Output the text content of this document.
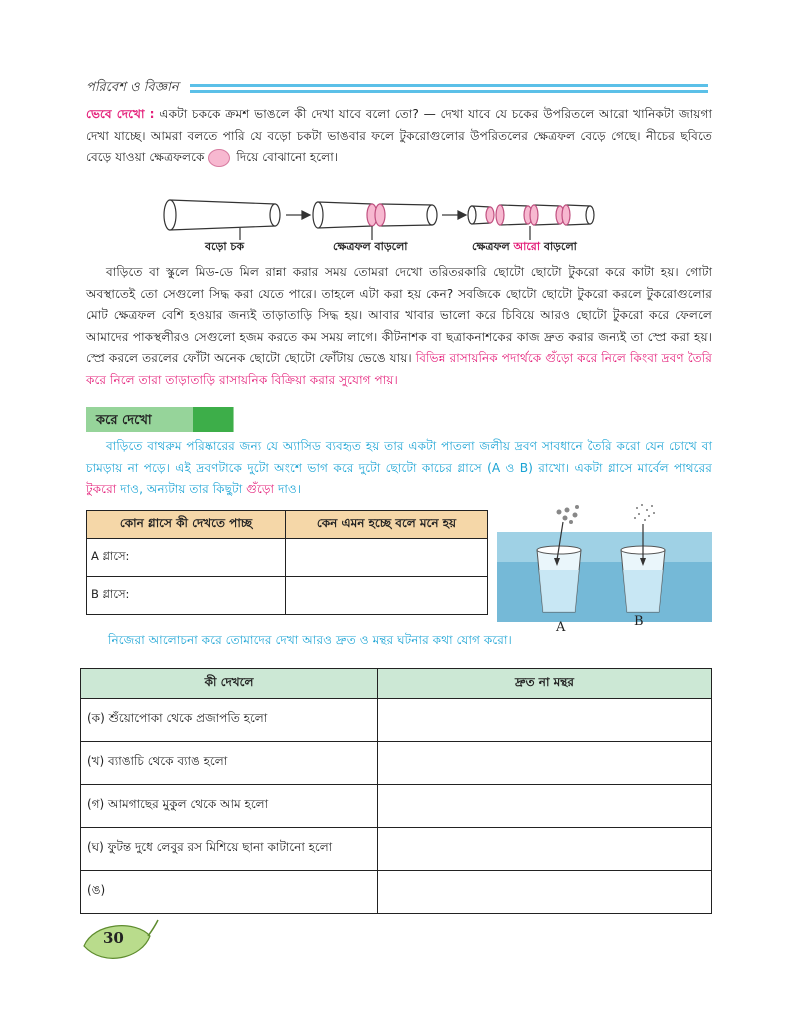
পরিবেশ ও বিজ্ঞান
ভেবে দেখো : একটা চককে ক্রমশ ভাঙলে কী দেখা যাবে বলো তো? — দেখা যাবে যে চকের উপরিতলে আরো খানিকটা জায়গা দেখা যাচ্ছে। আমরা বলতে পারি যে বড়ো চকটা ভাঙবার ফলে টুকরোগুলোর উপরিতলের ক্ষেত্রফল বেড়ে গেছে। নীচের ছবিতে বেড়ে যাওয়া ক্ষেত্রফলকে দিয়ে বোঝানো হলো।
বড়ো চক	ক্ষেত্রফল বাড়লো	ক্ষেত্রফল আরো বাড়লো
বাড়িতে বা স্কুলে মিড-ডে মিল রান্না করার সময় তোমরা দেখো তরিতরকারি ছোটো ছোটো টুকরো করে কাটা হয়। গোটা অবস্থাতেই তো সেগুলো সিদ্ধ করা যেতে পারে। তাহলে এটা করা হয় কেন? সবজিকে ছোটো ছোটো টুকরো করলে টুকরোগুলোর মোট ক্ষেত্রফল বেশি হওয়ার জন্যই তাড়াতাড়ি সিদ্ধ হয়। আবার খাবার ভালো করে চিবিয়ে আরও ছোটো টুকরো করে ফেললে আমাদের পাকস্থলীরও সেগুলো হজম করতে কম সময় লাগে। কীটনাশক বা ছত্রাকনাশকের কাজ দ্রুত করার জন্যই তা স্প্রে করা হয়। স্প্রে করলে তরলের ফোঁটা অনেক ছোটো ছোটো ফোঁটায় ভেঙে যায়। বিভিন্ন রাসায়নিক পদার্থকে গুঁড়ো করে নিলে কিংবা দ্রবণ তৈরি করে নিলে তারা তাড়াতাড়ি রাসায়নিক বিক্রিয়া করার সুযোগ পায়।
করে দেখো
বাড়িতে বাথরুম পরিষ্কারের জন্য যে অ্যাসিড ব্যবহৃত হয় তার একটা পাতলা জলীয় দ্রবণ সাবধানে তৈরি করো যেন চোখে বা চামড়ায় না পড়ে। এই দ্রবণটাকে দুটো অংশে ভাগ করে দুটো ছোটো কাচের গ্লাসে (A ও B) রাখো। একটা গ্লাসে মার্বেল পাথরের টুকরো দাও, অন্যটায় তার কিছুটা গুঁড়ো দাও।
কোন গ্লাসে কী দেখতে পাচ্ছ	কেন এমন হচ্ছে বলে মনে হয়
A গ্লাসে:	
B গ্লাসে:	
A	B
নিজেরা আলোচনা করে তোমাদের দেখা আরও দ্রুত ও মন্থর ঘটনার কথা যোগ করো।
কী দেখলে	দ্রুত না মন্থর
(ক) শুঁয়োপোকা থেকে প্রজাপতি হলো	
(খ) ব্যাঙাচি থেকে ব্যাঙ হলো	
(গ) আমগাছের মুকুল থেকে আম হলো	
(ঘ) ফুটন্ত দুধে লেবুর রস মিশিয়ে ছানা কাটানো হলো	
(ঙ)	
30
